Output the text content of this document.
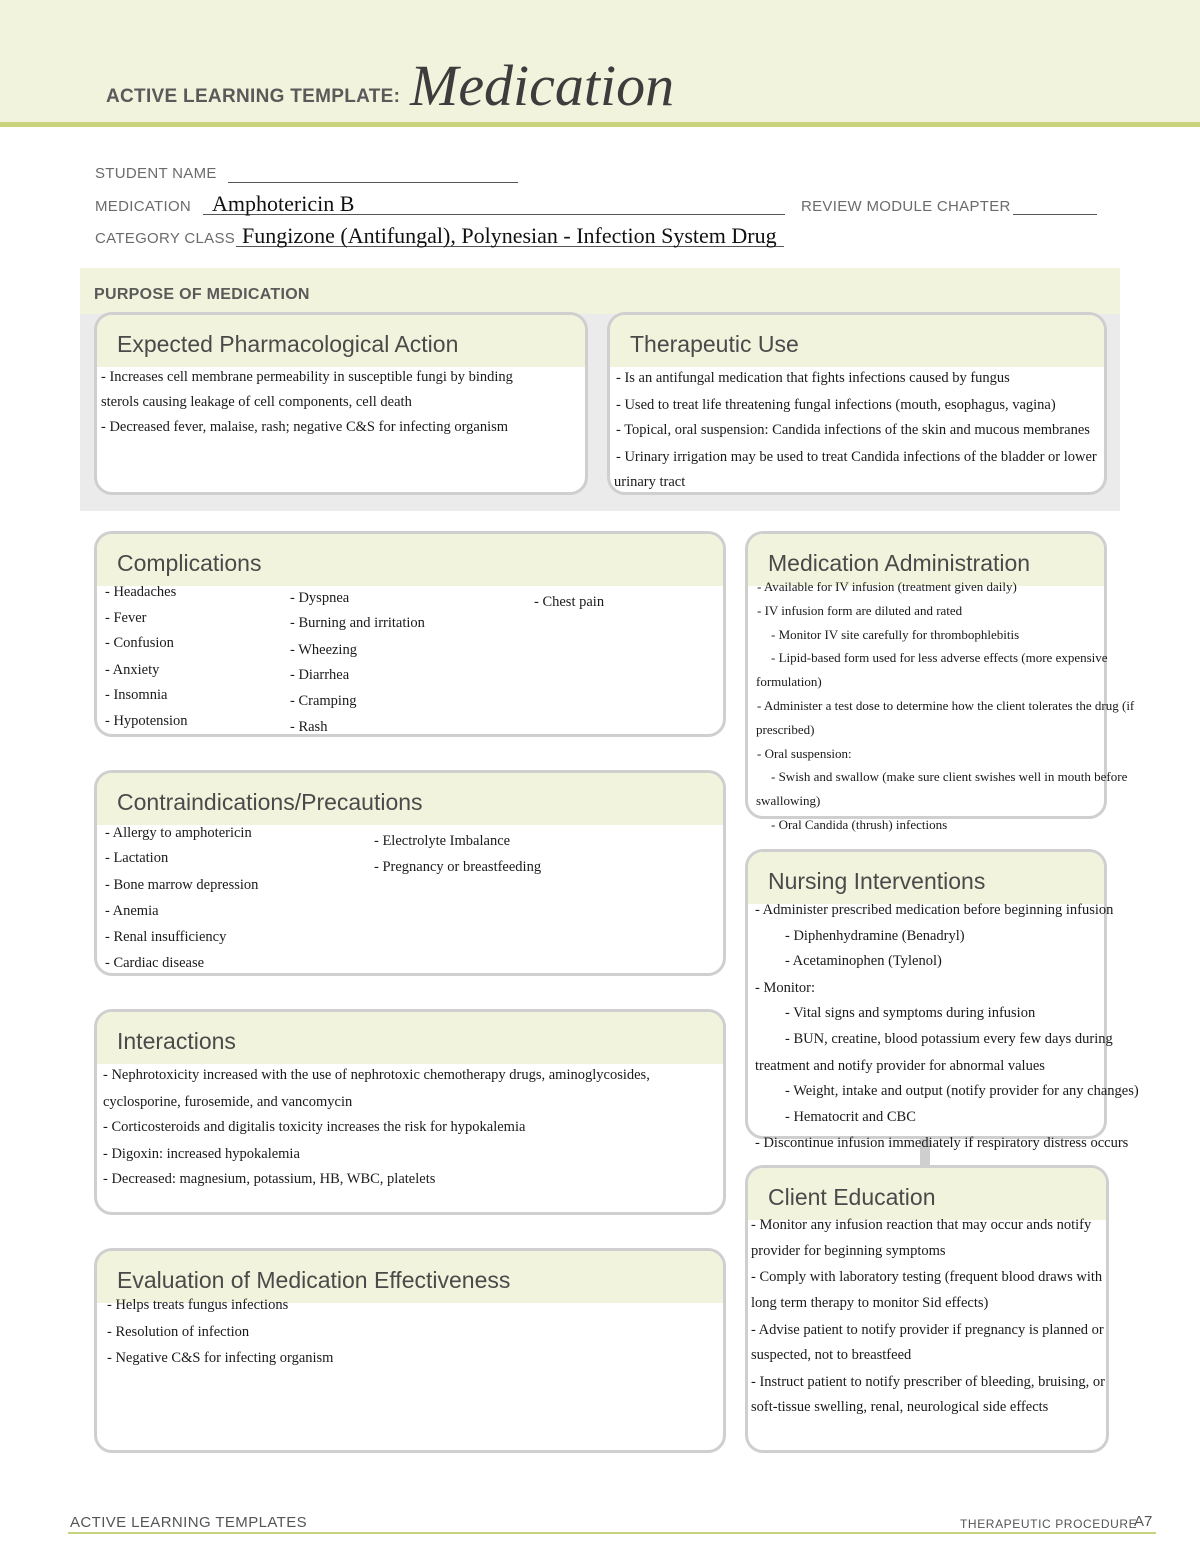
ACTIVE LEARNING TEMPLATE: Medication
STUDENT NAME
MEDICATION Amphotericin B	REVIEW MODULE CHAPTER
CATEGORY CLASS Fungizone (Antifungal), Polynesian - Infection System Drug
PURPOSE OF MEDICATION
Expected Pharmacological Action
- Increases cell membrane permeability in susceptible fungi by binding
sterols causing leakage of cell components, cell death
- Decreased fever, malaise, rash; negative C&S for infecting organism
Therapeutic Use
- Is an antifungal medication that fights infections caused by fungus
- Used to treat life threatening fungal infections (mouth, esophagus, vagina)
- Topical, oral suspension: Candida infections of the skin and mucous membranes
- Urinary irrigation may be used to treat Candida infections of the bladder or lower
urinary tract
Complications
- Headaches
- Fever
- Confusion
- Anxiety
- Insomnia
- Hypotension
- Dyspnea
- Burning and irritation
- Wheezing
- Diarrhea
- Cramping
- Rash
- Chest pain
Medication Administration
- Available for IV infusion (treatment given daily)
- IV infusion form are diluted and rated
- Monitor IV site carefully for thrombophlebitis
- Lipid-based form used for less adverse effects (more expensive
formulation)
- Administer a test dose to determine how the client tolerates the drug (if
prescribed)
- Oral suspension:
- Swish and swallow (make sure client swishes well in mouth before
swallowing)
- Oral Candida (thrush) infections
Contraindications/Precautions
- Allergy to amphotericin
- Lactation
- Bone marrow depression
- Anemia
- Renal insufficiency
- Cardiac disease
- Electrolyte Imbalance
- Pregnancy or breastfeeding
Nursing Interventions
- Administer prescribed medication before beginning infusion
- Diphenhydramine (Benadryl)
- Acetaminophen (Tylenol)
- Monitor:
- Vital signs and symptoms during infusion
- BUN, creatine, blood potassium every few days during
treatment and notify provider for abnormal values
- Weight, intake and output (notify provider for any changes)
- Hematocrit and CBC
- Discontinue infusion immediately if respiratory distress occurs
Interactions
- Nephrotoxicity increased with the use of nephrotoxic chemotherapy drugs, aminoglycosides,
cyclosporine, furosemide, and vancomycin
- Corticosteroids and digitalis toxicity increases the risk for hypokalemia
- Digoxin: increased hypokalemia
- Decreased: magnesium, potassium, HB, WBC, platelets
Client Education
- Monitor any infusion reaction that may occur ands notify
provider for beginning symptoms
- Comply with laboratory testing (frequent blood draws with
long term therapy to monitor Sid effects)
- Advise patient to notify provider if pregnancy is planned or
suspected, not to breastfeed
- Instruct patient to notify prescriber of bleeding, bruising, or
soft-tissue swelling, renal, neurological side effects
Evaluation of Medication Effectiveness
- Helps treats fungus infections
- Resolution of infection
- Negative C&S for infecting organism
ACTIVE LEARNING TEMPLATES	THERAPEUTIC PROCEDURE
A7
